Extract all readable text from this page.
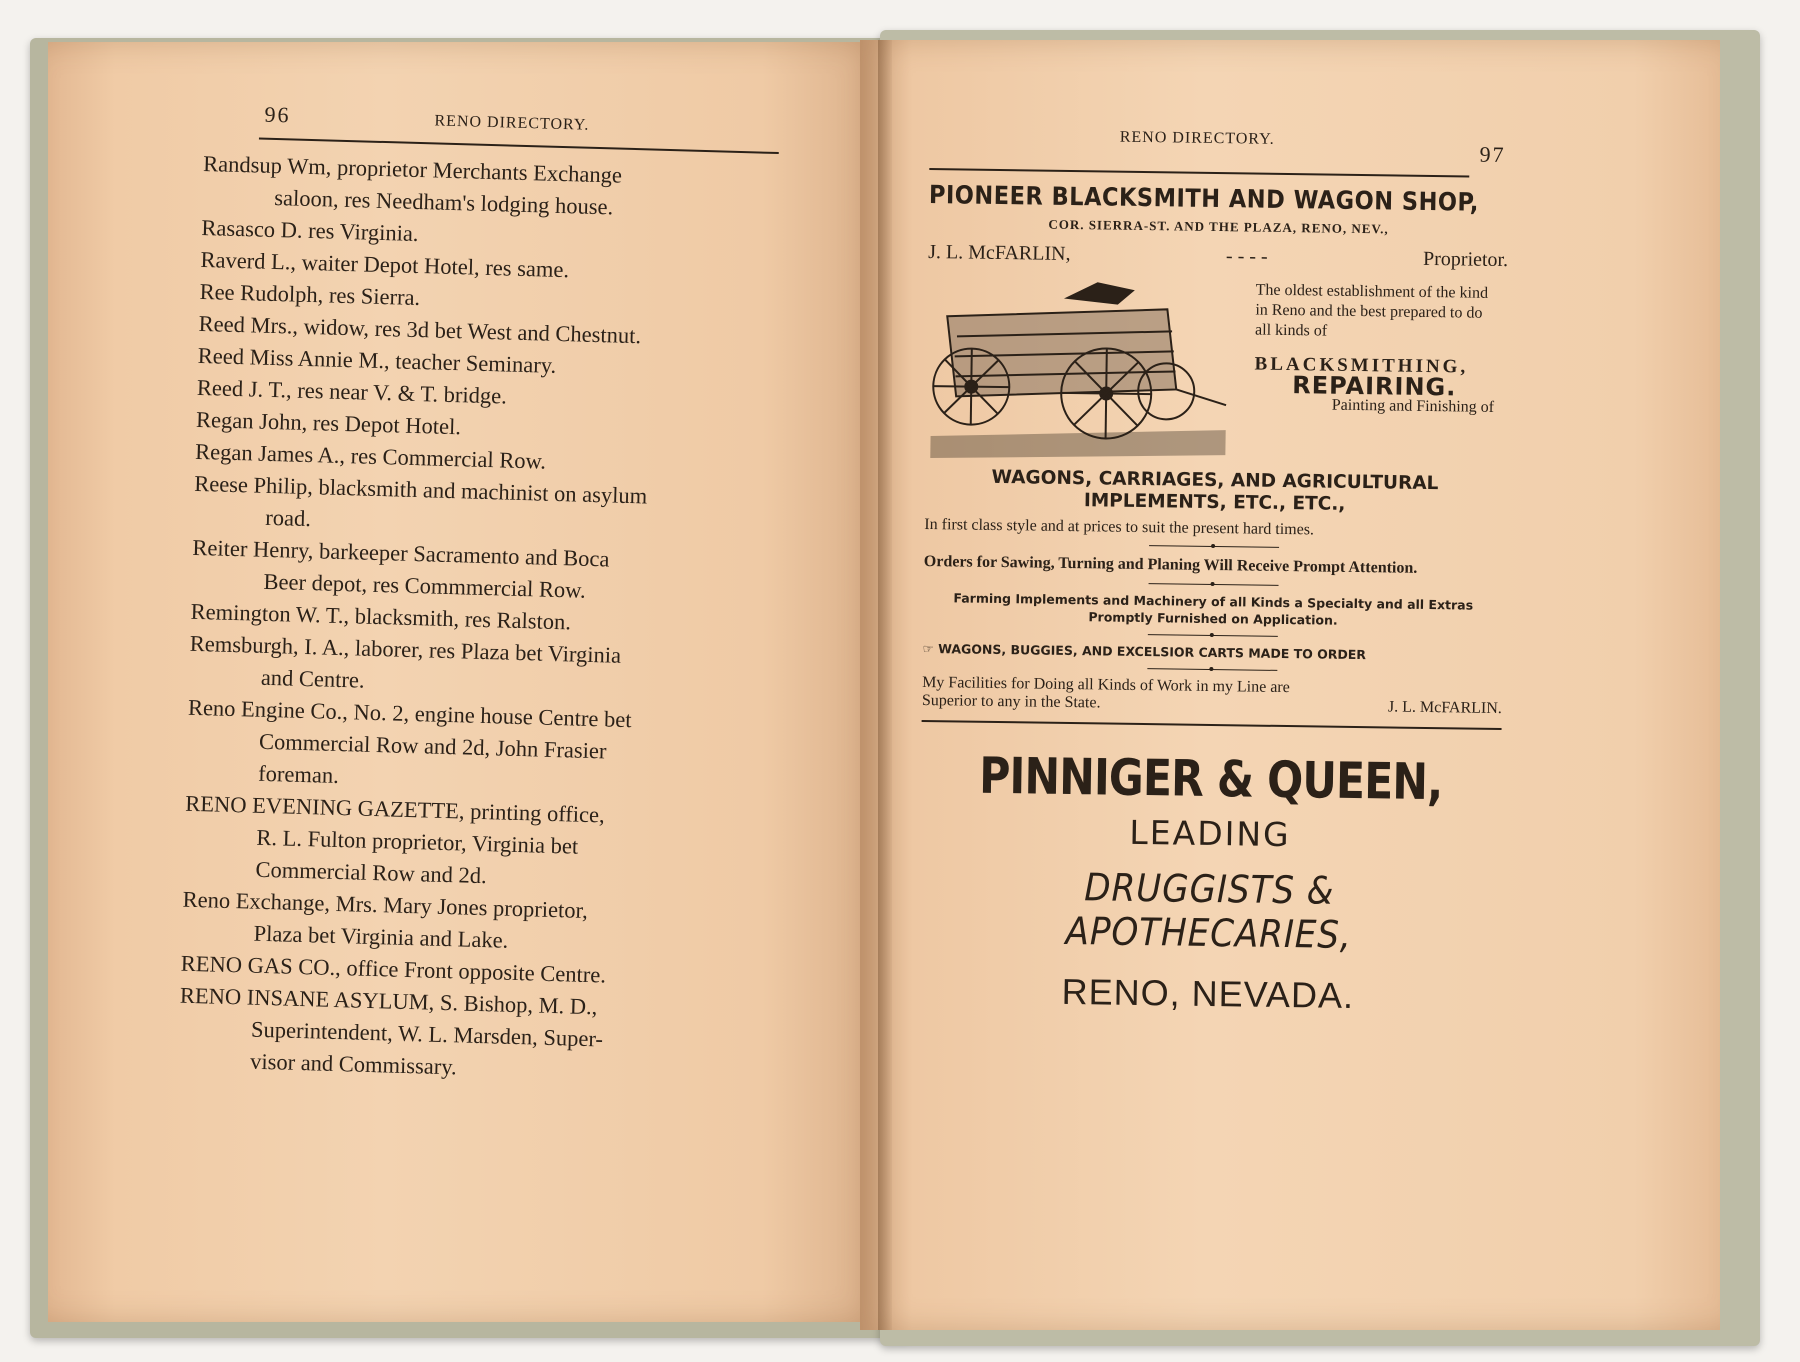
96	RENO DIRECTORY.

Randsup Wm, proprietor Merchants Exchange
saloon, res Needham's lodging house.

Rasasco D. res Virginia.

Raverd L., waiter Depot Hotel, res same.

Ree Rudolph, res Sierra.

Reed Mrs., widow, res 3d bet West and Chestnut.

Reed Miss Annie M., teacher Seminary.

Reed J. T., res near V. & T. bridge.

Regan John, res Depot Hotel.

Regan James A., res Commercial Row.

Reese Philip, blacksmith and machinist on asylum
road.

Reiter Henry, barkeeper Sacramento and Boca
Beer depot, res Commmercial Row.

Remington W. T., blacksmith, res Ralston.

Remsburgh, I. A., laborer, res Plaza bet Virginia
and Centre.

Reno Engine Co., No. 2, engine house Centre bet
Commercial Row and 2d, John Frasier

foreman.

RENO EVENING GAZETTE, printing office,
R. L. Fulton proprietor, Virginia bet

Commercial Row and 2d.

Reno Exchange, Mrs. Mary Jones proprietor,
Plaza bet Virginia and Lake.

RENO GAS CO., office Front opposite Centre.

RENO INSANE ASYLUM, S. Bishop, M. D.,
Superintendent, W. L. Marsden, Super-

visor and Commissary.

RENO DIRECTORY.
97
PIONEER BLACKSMITH AND WAGON SHOP,
COR. SIERRA-ST. AND THE PLAZA, RENO, NEV.,
J. L. McFARLIN,	- - - -	Proprietor.
The oldest establishment of the kind in Reno and the best prepared to do all kinds of
BLACKSMITHING,
REPAIRING.
Painting and Finishing of
WAGONS, CARRIAGES, AND AGRICULTURAL
IMPLEMENTS, ETC., ETC.,
In first class style and at prices to suit the present hard times.
Orders for Sawing, Turning and Planing Will Receive Prompt Attention.
Farming Implements and Machinery of all Kinds a Specialty and all Extras Promptly Furnished on Application.
☞ WAGONS, BUGGIES, AND EXCELSIOR CARTS MADE TO ORDER
My Facilities for Doing all Kinds of Work in my Line are
Superior to any in the State.	J. L. McFARLIN.
PINNIGER & QUEEN,
LEADING
DRUGGISTS & APOTHECARIES,
RENO, NEVADA.
